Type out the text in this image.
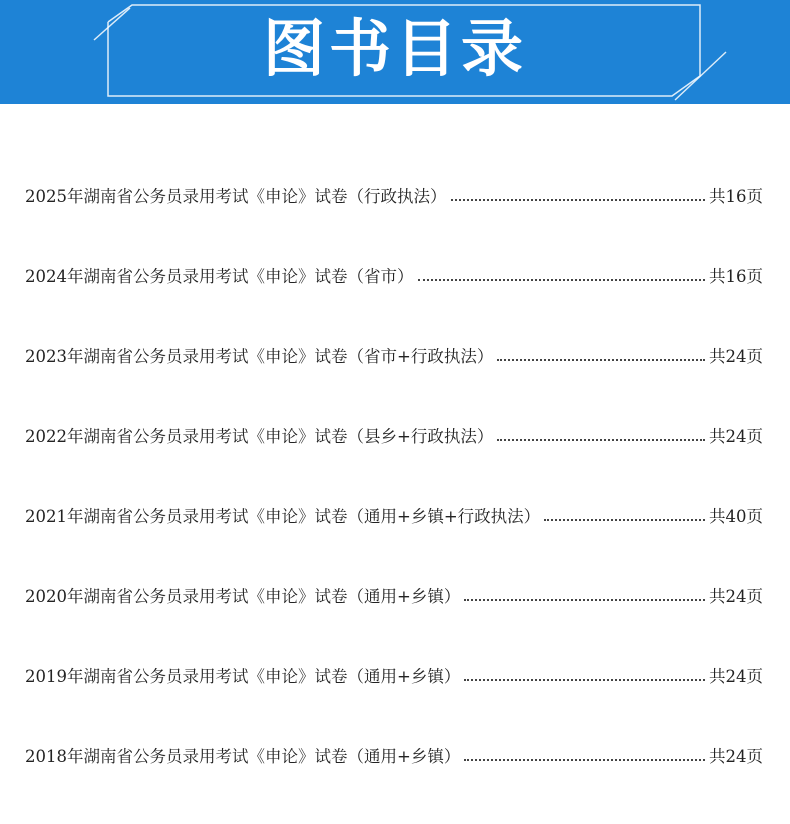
图书目录
2025年湖南省公务员录用考试《申论》试卷（行政执法）	共16页
2024年湖南省公务员录用考试《申论》试卷（省市）	共16页
2023年湖南省公务员录用考试《申论》试卷（省市+行政执法）	共24页
2022年湖南省公务员录用考试《申论》试卷（县乡+行政执法）	共24页
2021年湖南省公务员录用考试《申论》试卷（通用+乡镇+行政执法）	共40页
2020年湖南省公务员录用考试《申论》试卷（通用+乡镇）	共24页
2019年湖南省公务员录用考试《申论》试卷（通用+乡镇）	共24页
2018年湖南省公务员录用考试《申论》试卷（通用+乡镇）	共24页
